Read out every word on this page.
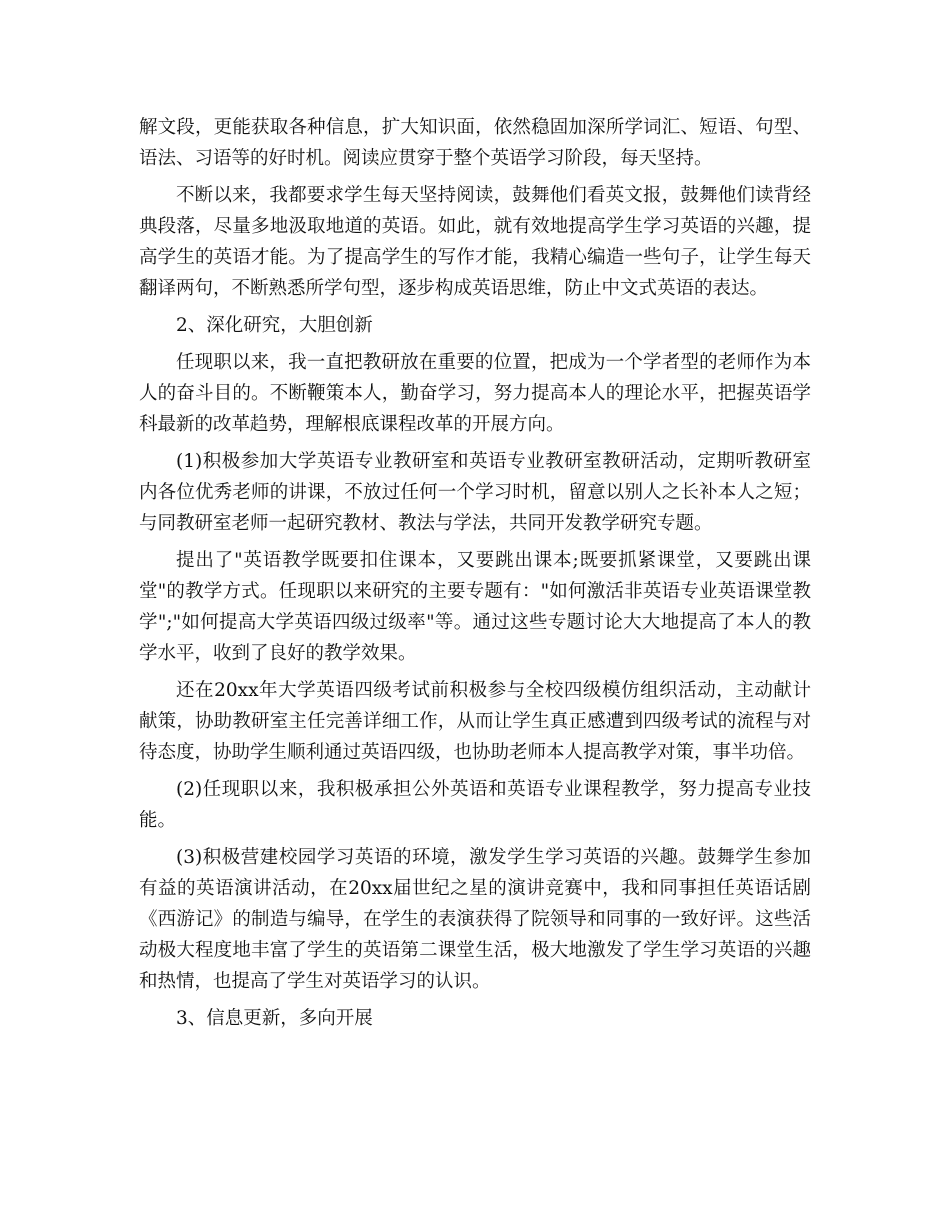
解文段，更能获取各种信息，扩大知识面，依然稳固加深所学词汇、短语、句型、语法、习语等的好时机。阅读应贯穿于整个英语学习阶段，每天坚持。

不断以来，我都要求学生每天坚持阅读，鼓舞他们看英文报，鼓舞他们读背经典段落，尽量多地汲取地道的英语。如此，就有效地提高学生学习英语的兴趣，提高学生的英语才能。为了提高学生的写作才能，我精心编造一些句子，让学生每天翻译两句，不断熟悉所学句型，逐步构成英语思维，防止中文式英语的表达。

2、深化研究，大胆创新

任现职以来，我一直把教研放在重要的位置，把成为一个学者型的老师作为本人的奋斗目的。不断鞭策本人，勤奋学习，努力提高本人的理论水平，把握英语学科最新的改革趋势，理解根底课程改革的开展方向。

(1)积极参加大学英语专业教研室和英语专业教研室教研活动，定期听教研室内各位优秀老师的讲课，不放过任何一个学习时机，留意以别人之长补本人之短；与同教研室老师一起研究教材、教法与学法，共同开发教学研究专题。

提出了"英语教学既要扣住课本，又要跳出课本;既要抓紧课堂，又要跳出课堂"的教学方式。任现职以来研究的主要专题有："如何激活非英语专业英语课堂教学";"如何提高大学英语四级过级率"等。通过这些专题讨论大大地提高了本人的教学水平，收到了良好的教学效果。

还在20xx年大学英语四级考试前积极参与全校四级模仿组织活动，主动献计献策，协助教研室主任完善详细工作，从而让学生真正感遭到四级考试的流程与对待态度，协助学生顺利通过英语四级，也协助老师本人提高教学对策，事半功倍。

(2)任现职以来，我积极承担公外英语和英语专业课程教学，努力提高专业技能。

(3)积极营建校园学习英语的环境，激发学生学习英语的兴趣。鼓舞学生参加有益的英语演讲活动，在20xx届世纪之星的演讲竞赛中，我和同事担任英语话剧《西游记》的制造与编导，在学生的表演获得了院领导和同事的一致好评。这些活动极大程度地丰富了学生的英语第二课堂生活，极大地激发了学生学习英语的兴趣和热情，也提高了学生对英语学习的认识。

3、信息更新，多向开展
